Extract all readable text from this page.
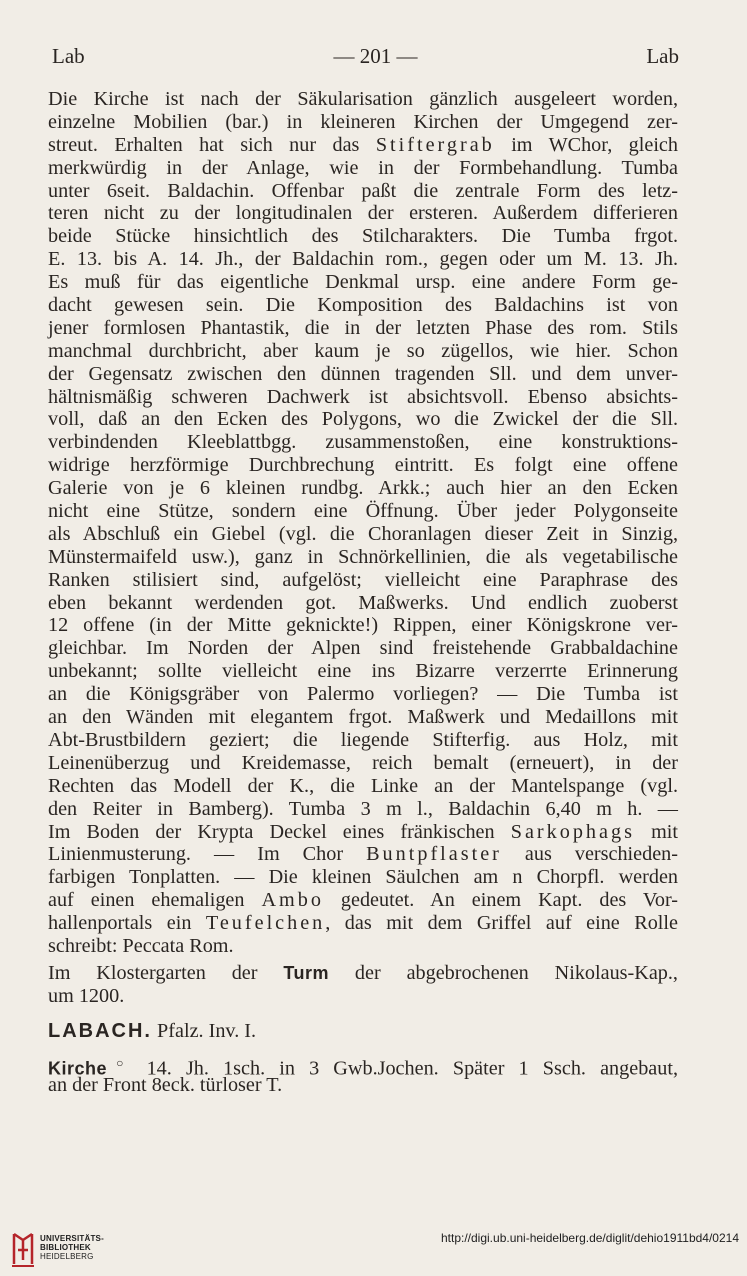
Lab	— 201 —	Lab
Die Kirche ist nach der Säkularisation gänzlich ausgeleert worden,
einzelne Mobilien (bar.) in kleineren Kirchen der Umgegend zer-
streut. Erhalten hat sich nur das Stiftergrab im WChor, gleich
merkwürdig in der Anlage, wie in der Formbehandlung. Tumba
unter 6seit. Baldachin. Offenbar paßt die zentrale Form des letz-
teren nicht zu der longitudinalen der ersteren. Außerdem differieren
beide Stücke hinsichtlich des Stilcharakters. Die Tumba frgot.
E. 13. bis A. 14. Jh., der Baldachin rom., gegen oder um M. 13. Jh.
Es muß für das eigentliche Denkmal ursp. eine andere Form ge-
dacht gewesen sein. Die Komposition des Baldachins ist von
jener formlosen Phantastik, die in der letzten Phase des rom. Stils
manchmal durchbricht, aber kaum je so zügellos, wie hier. Schon
der Gegensatz zwischen den dünnen tragenden Sll. und dem unver-
hältnismäßig schweren Dachwerk ist absichtsvoll. Ebenso absichts-
voll, daß an den Ecken des Polygons, wo die Zwickel der die Sll.
verbindenden Kleeblattbgg. zusammenstoßen, eine konstruktions-
widrige herzförmige Durchbrechung eintritt. Es folgt eine offene
Galerie von je 6 kleinen rundbg. Arkk.; auch hier an den Ecken
nicht eine Stütze, sondern eine Öffnung. Über jeder Polygonseite
als Abschluß ein Giebel (vgl. die Choranlagen dieser Zeit in Sinzig,
Münstermaifeld usw.), ganz in Schnörkellinien, die als vegetabilische
Ranken stilisiert sind, aufgelöst; vielleicht eine Paraphrase des
eben bekannt werdenden got. Maßwerks. Und endlich zuoberst
12 offene (in der Mitte geknickte!) Rippen, einer Königskrone ver-
gleichbar. Im Norden der Alpen sind freistehende Grabbaldachine
unbekannt; sollte vielleicht eine ins Bizarre verzerrte Erinnerung
an die Königsgräber von Palermo vorliegen? — Die Tumba ist
an den Wänden mit elegantem frgot. Maßwerk und Medaillons mit
Abt-Brustbildern geziert; die liegende Stifterfig. aus Holz, mit
Leinenüberzug und Kreidemasse, reich bemalt (erneuert), in der
Rechten das Modell der K., die Linke an der Mantelspange (vgl.
den Reiter in Bamberg). Tumba 3 m l., Baldachin 6,40 m h. —
Im Boden der Krypta Deckel eines fränkischen Sarkophags mit
Linienmusterung. — Im Chor Buntpflaster aus verschieden-
farbigen Tonplatten. — Die kleinen Säulchen am n Chorpfl. werden
auf einen ehemaligen Ambo gedeutet. An einem Kapt. des Vor-
hallenportals ein Teufelchen, das mit dem Griffel auf eine Rolle
schreibt: Peccata Rom.
Im Klostergarten der Turm der abgebrochenen Nikolaus-Kap.,
um 1200.
LABACH. Pfalz. Inv. I.
Kirche○ 14. Jh. 1sch. in 3 Gwb.Jochen. Später 1 Ssch. angebaut,
an der Front 8eck. türloser T.
UNIVERSITÄTS-
BIBLIOTHEK
HEIDELBERG
http://digi.ub.uni-heidelberg.de/diglit/dehio1911bd4/0214
